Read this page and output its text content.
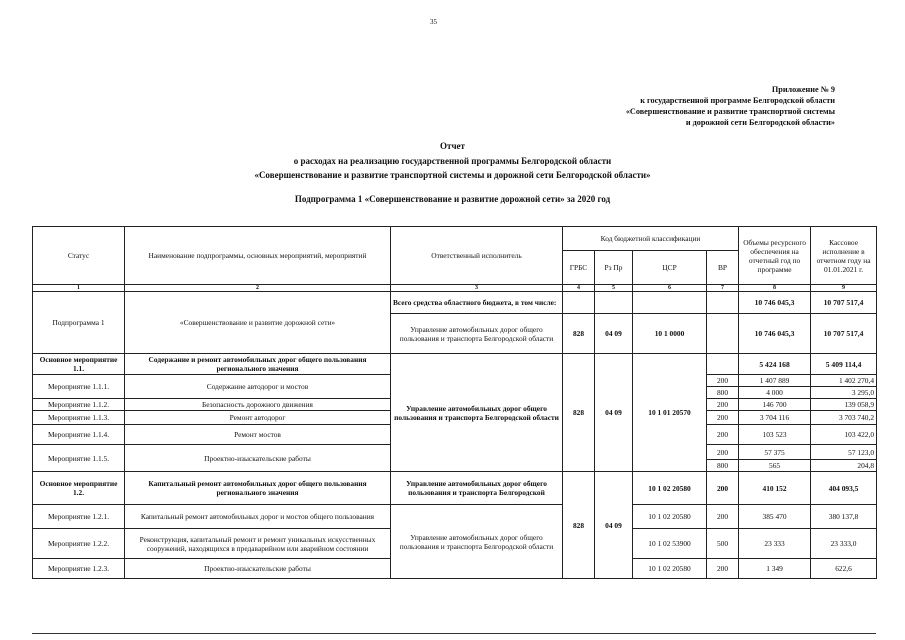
35
Приложение № 9
к государственной программе Белгородской области
«Совершенствование и развитие транспортной системы
и дорожной сети Белгородской области»
Отчет
о расходах на реализацию государственной программы Белгородской области
«Совершенствование и развитие транспортной системы и дорожной сети Белгородской области»
Подпрограмма 1 «Совершенствование и развитие дорожной сети» за 2020 год
Статус	Наименование подпрограммы, основных мероприятий, мероприятий	Ответственный исполнитель	Код бюджетной классификации				Объемы ресурсного обеспечения на отчетный год по программе	Кассовое исполнение в отчетном году на 01.01.2021 г.
			ГРБС	Рз Пр	ЦСР	ВР		
1	2	3	4	5	6	7	8	9
Подпрограмма 1	«Совершенствование и развитие дорожной сети»	Всего средства областного бюджета, в том числе:					10 746 045,3	10 707 517,4
		Управление автомобильных дорог общего пользования и транспорта Белгородской области	828	04 09	10 1 0000		10 746 045,3	10 707 517,4
Основное мероприятие 1.1.	Содержание и ремонт автомобильных дорог общего пользования регионального значения	Управление автомобильных дорог общего пользования и транспорта Белгородской области	828	04 09	10 1 01 20570		5 424 168	5 409 114,4
Мероприятие 1.1.1.	Содержание автодорог и мостов					200	1 407 889	1 402 270,4
						800	4 000	3 295,0
Мероприятие 1.1.2.	Безопасность дорожного движения					200	146 700	139 058,9
Мероприятие 1.1.3.	Ремонт автодорог					200	3 704 116	3 703 740,2
Мероприятие 1.1.4.	Ремонт мостов					200	103 523	103 422,0
Мероприятие 1.1.5.	Проектно-изыскательские работы					200	57 375	57 123,0
						800	565	204,8
Основное мероприятие 1.2.	Капитальный ремонт автомобильных дорог общего пользования регионального значения	Управление автомобильных дорог общего пользования и транспорта Белгородской	828	04 09	10 1 02 20580	200	410 152	404 093,5
Мероприятие 1.2.1.	Капитальный ремонт автомобильных дорог и мостов общего пользования	Управление автомобильных дорог общего пользования и транспорта Белгородской области			10 1 02 20580	200	385 470	380 137,8
Мероприятие 1.2.2.	Реконструкция, капитальный ремонт и ремонт уникальных искусственных сооружений, находящихся в предаварийном или аварийном состоянии				10 1 02 53900	500	23 333	23 333,0
Мероприятие 1.2.3.	Проектно-изыскательские работы				10 1 02 20580	200	1 349	622,6
